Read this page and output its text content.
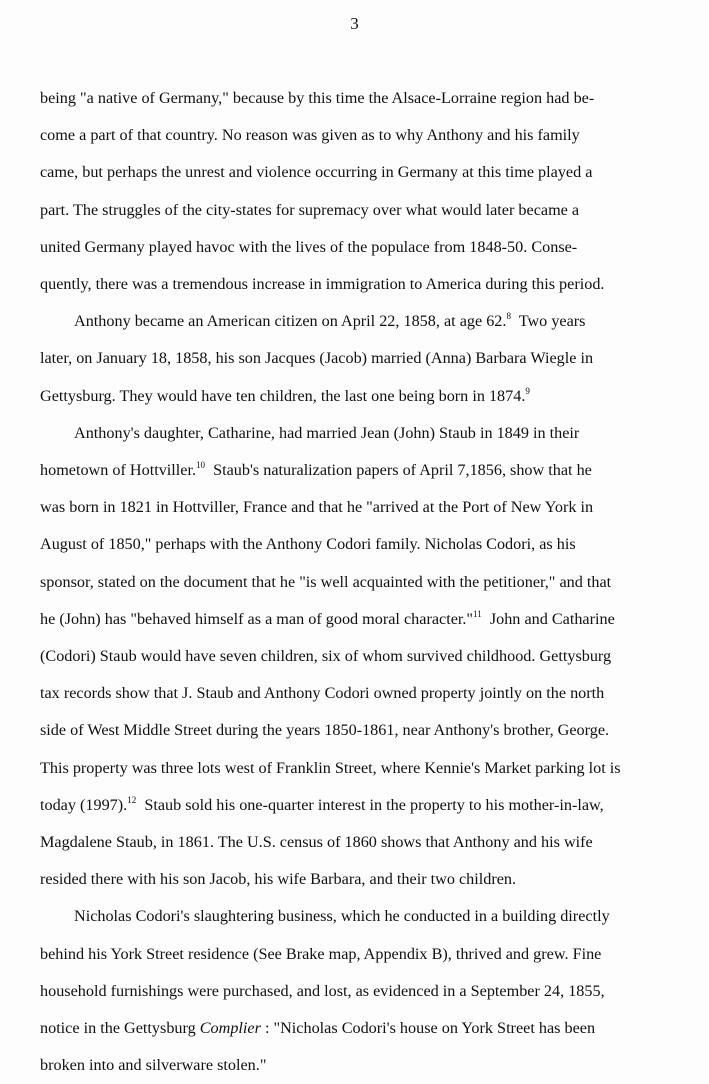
3
being "a native of Germany," because by this time the Alsace-Lorraine region had be-
come a part of that country. No reason was given as to why Anthony and his family
came, but perhaps the unrest and violence occurring in Germany at this time played a
part. The struggles of the city-states for supremacy over what would later became a
united Germany played havoc with the lives of the populace from 1848-50. Conse-
quently, there was a tremendous increase in immigration to America during this period.
Anthony became an American citizen on April 22, 1858, at age 62.$^8$  Two years
later, on January 18, 1858, his son Jacques (Jacob) married (Anna) Barbara Wiegle in
Gettysburg. They would have ten children, the last one being born in 1874.$^9$
Anthony's daughter, Catharine, had married Jean (John) Staub in 1849 in their
hometown of Hottviller.$^{10}$  Staub's naturalization papers of April 7,1856, show that he
was born in 1821 in Hottviller, France and that he "arrived at the Port of New York in
August of 1850," perhaps with the Anthony Codori family. Nicholas Codori, as his
sponsor, stated on the document that he "is well acquainted with the petitioner," and that
he (John) has "behaved himself as a man of good moral character."$^{11}$  John and Catharine
(Codori) Staub would have seven children, six of whom survived childhood. Gettysburg
tax records show that J. Staub and Anthony Codori owned property jointly on the north
side of West Middle Street during the years 1850-1861, near Anthony's brother, George.
This property was three lots west of Franklin Street, where Kennie's Market parking lot is
today (1997).$^{12}$  Staub sold his one-quarter interest in the property to his mother-in-law,
Magdalene Staub, in 1861. The U.S. census of 1860 shows that Anthony and his wife
resided there with his son Jacob, his wife Barbara, and their two children.
Nicholas Codori's slaughtering business, which he conducted in a building directly
behind his York Street residence (See Brake map, Appendix B), thrived and grew. Fine
household furnishings were purchased, and lost, as evidenced in a September 24, 1855,
notice in the Gettysburg Complier : "Nicholas Codori's house on York Street has been
broken into and silverware stolen."
